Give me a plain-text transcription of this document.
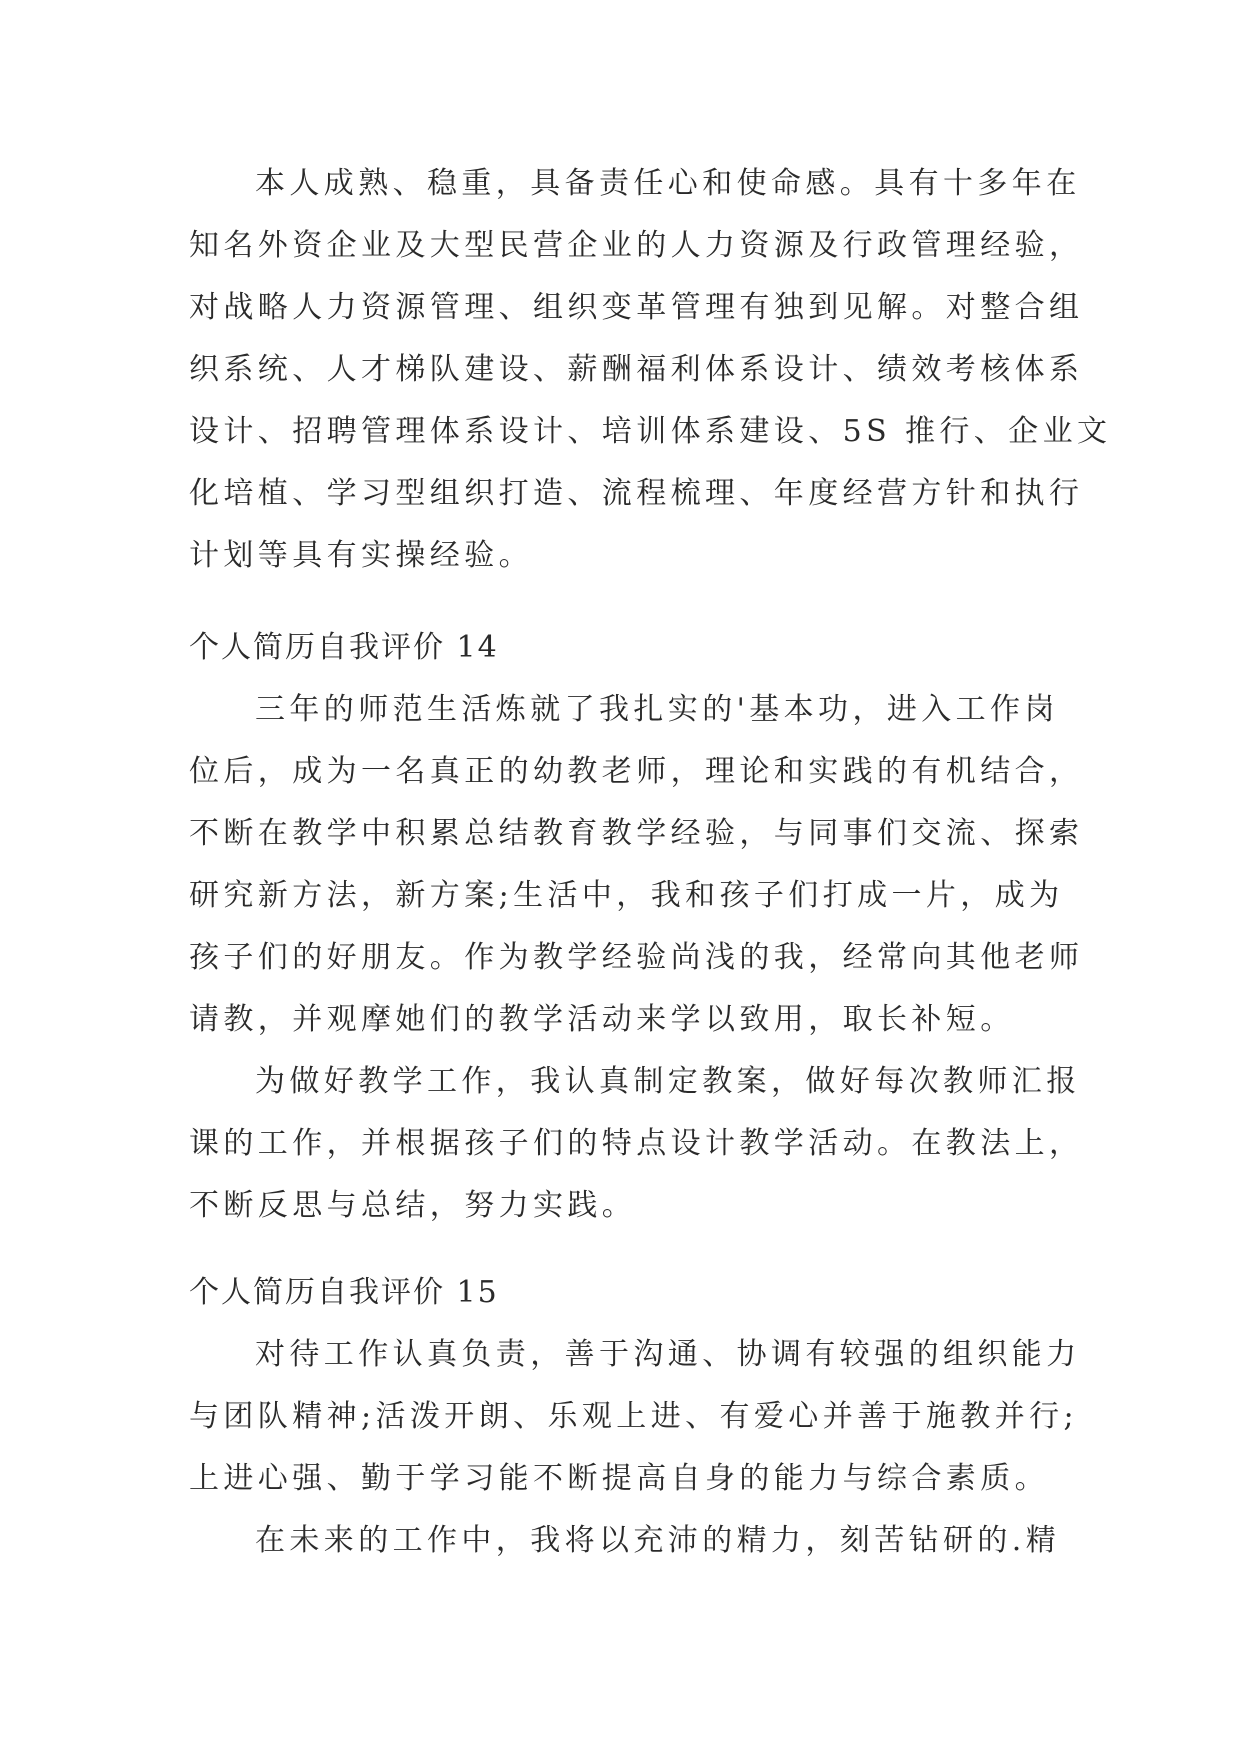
本人成熟、稳重，具备责任心和使命感。具有十多年在
知名外资企业及大型民营企业的人力资源及行政管理经验，
对战略人力资源管理、组织变革管理有独到见解。对整合组
织系统、人才梯队建设、薪酬福利体系设计、绩效考核体系
设计、招聘管理体系设计、培训体系建设、5S 推行、企业文
化培植、学习型组织打造、流程梳理、年度经营方针和执行
计划等具有实操经验。
个人简历自我评价 14
三年的师范生活炼就了我扎实的'基本功，进入工作岗
位后，成为一名真正的幼教老师，理论和实践的有机结合，
不断在教学中积累总结教育教学经验，与同事们交流、探索
研究新方法，新方案;生活中，我和孩子们打成一片，成为
孩子们的好朋友。作为教学经验尚浅的我，经常向其他老师
请教，并观摩她们的教学活动来学以致用，取长补短。
为做好教学工作，我认真制定教案，做好每次教师汇报
课的工作，并根据孩子们的特点设计教学活动。在教法上，
不断反思与总结，努力实践。
个人简历自我评价 15
对待工作认真负责，善于沟通、协调有较强的组织能力
与团队精神;活泼开朗、乐观上进、有爱心并善于施教并行;
上进心强、勤于学习能不断提高自身的能力与综合素质。
在未来的工作中，我将以充沛的精力，刻苦钻研的.精
